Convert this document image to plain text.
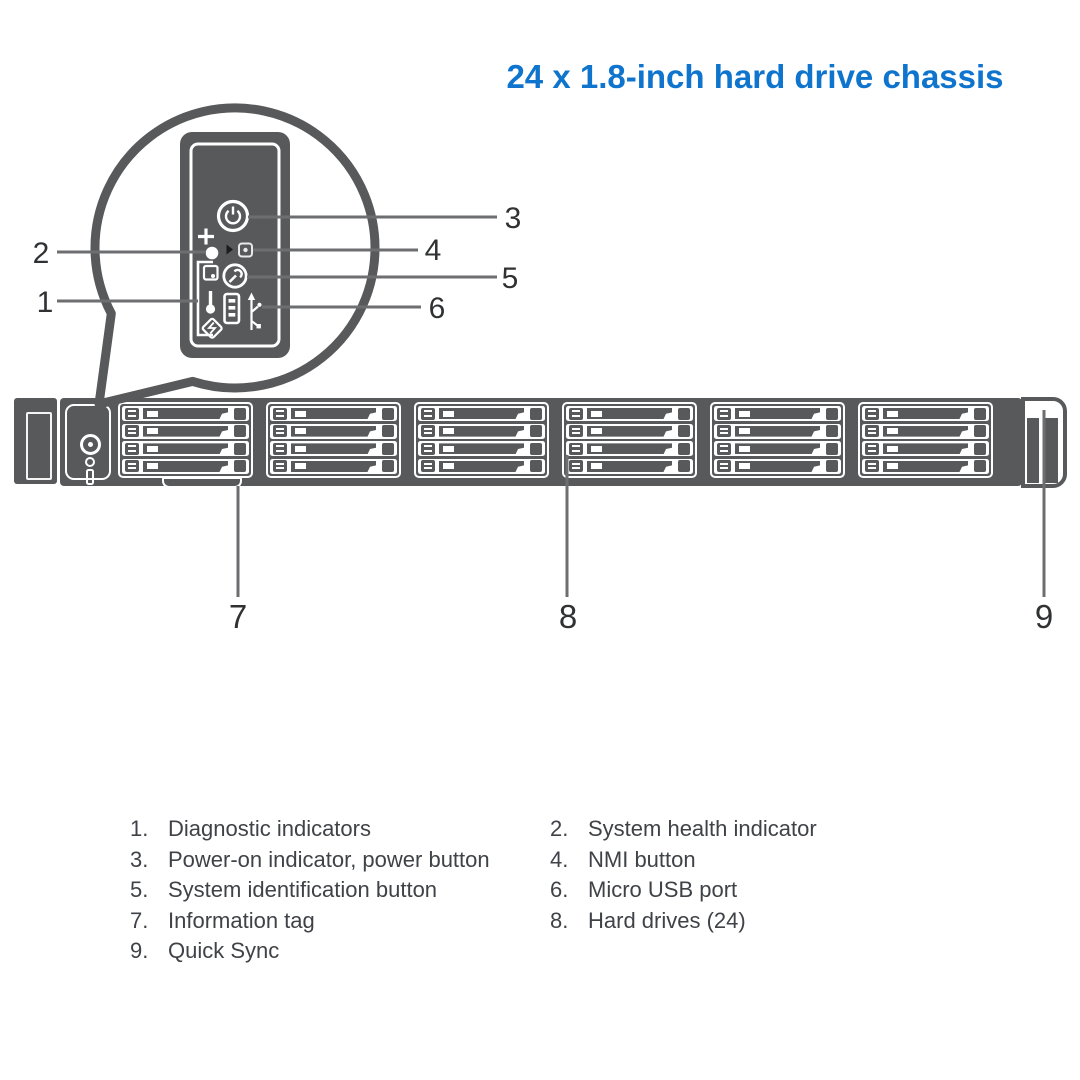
24 x 1.8-inch hard drive chassis
1
2
3
4
5
6
7	8	9
1. Diagnostic indicators
3. Power-on indicator, power button
5. System identification button
7. Information tag
9. Quick Sync
2. System health indicator
4. NMI button
6. Micro USB port
8. Hard drives (24)
